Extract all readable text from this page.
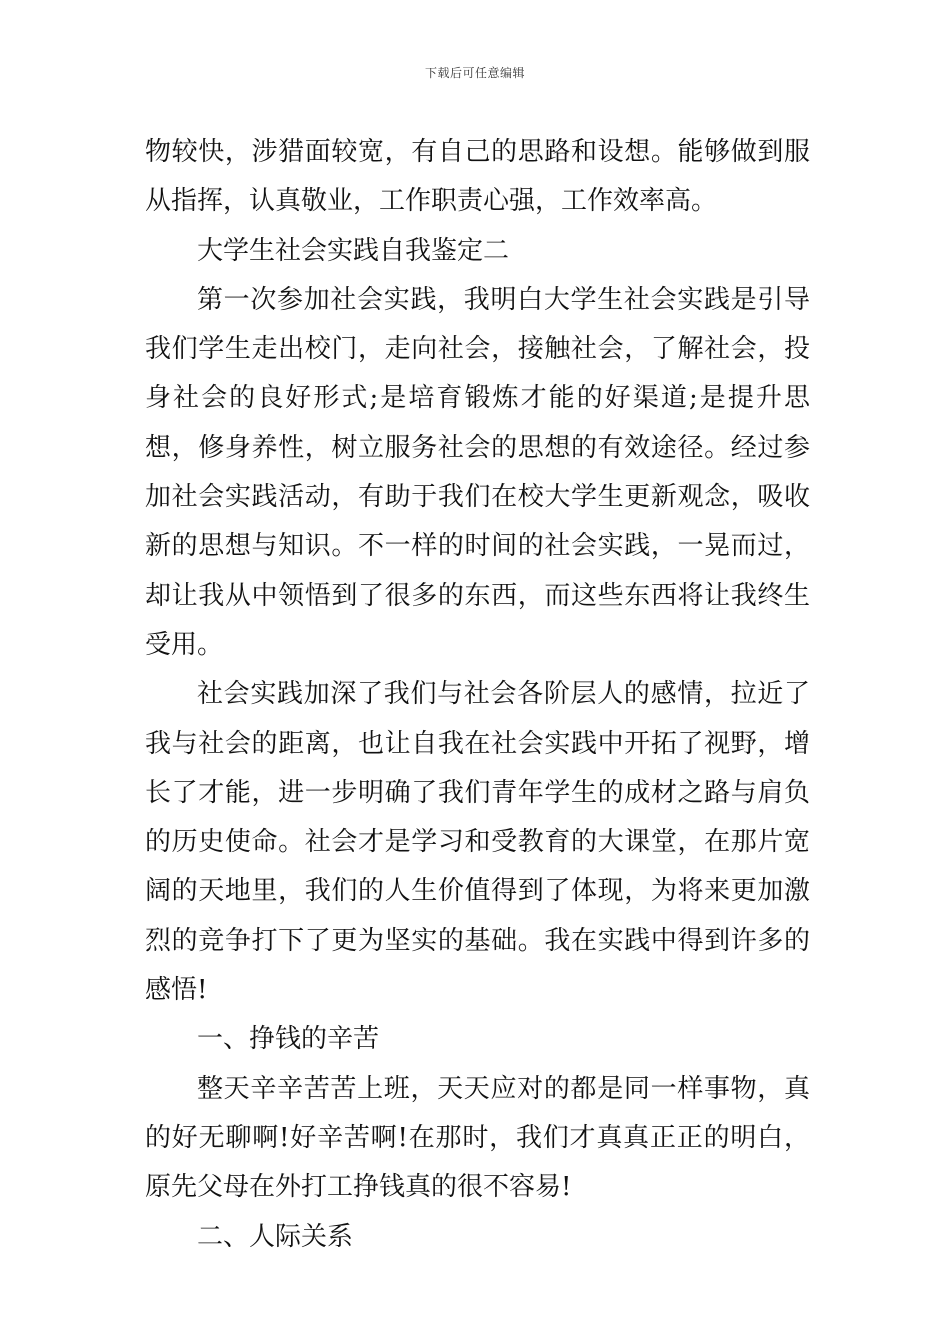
下载后可任意编辑

物较快，涉猎面较宽，有自己的思路和设想。能够做到服从指挥，认真敬业，工作职责心强，工作效率高。

大学生社会实践自我鉴定二

第一次参加社会实践，我明白大学生社会实践是引导我们学生走出校门，走向社会，接触社会，了解社会，投身社会的良好形式;是培育锻炼才能的好渠道;是提升思想，修身养性，树立服务社会的思想的有效途径。经过参加社会实践活动，有助于我们在校大学生更新观念，吸收新的思想与知识。不一样的时间的社会实践，一晃而过，却让我从中领悟到了很多的东西，而这些东西将让我终生受用。

社会实践加深了我们与社会各阶层人的感情，拉近了我与社会的距离，也让自我在社会实践中开拓了视野，增长了才能，进一步明确了我们青年学生的成材之路与肩负的历史使命。社会才是学习和受教育的大课堂，在那片宽阔的天地里，我们的人生价值得到了体现，为将来更加激烈的竞争打下了更为坚实的基础。我在实践中得到许多的感悟!

一、挣钱的辛苦

整天辛辛苦苦上班，天天应对的都是同一样事物，真的好无聊啊!好辛苦啊!在那时，我们才真真正正的明白，原先父母在外打工挣钱真的很不容易!

二、人际关系
